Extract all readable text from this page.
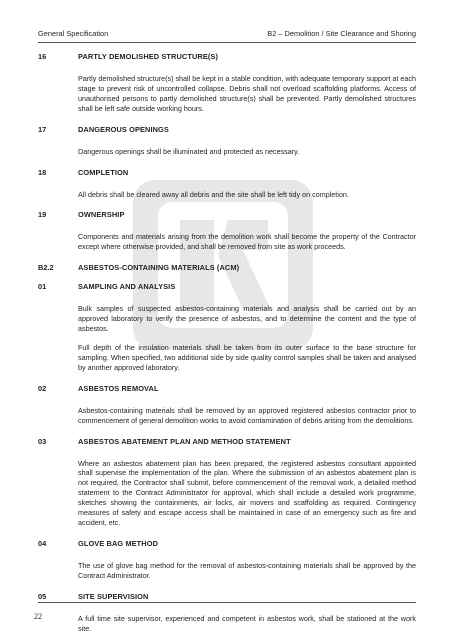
General Specification	B2 – Demolition / Site Clearance and Shoring
16	PARTLY DEMOLISHED STRUCTURE(S)

Partly demolished structure(s) shall be kept in a stable condition, with adequate temporary support at each stage to prevent risk of uncontrolled collapse. Debris shall not overload scaffolding platforms. Access of unauthorised persons to partly demolished structure(s) shall be prevented. Partly demolished structures shall be left safe outside working hours.

17	DANGEROUS OPENINGS

Dangerous openings shall be illuminated and protected as necessary.

18	COMPLETION

All debris shall be cleared away all debris and the site shall be left tidy on completion.

19	OWNERSHIP

Components and materials arising from the demolition work shall become the property of the Contractor except where otherwise provided, and shall be removed from site as work proceeds.

B2.2	ASBESTOS-CONTAINING MATERIALS (ACM)
01	SAMPLING AND ANALYSIS

Bulk samples of suspected asbestos-containing materials and analysis shall be carried out by an approved laboratory to verify the presence of asbestos, and to determine the content and the type of asbestos.

Full depth of the insulation materials shall be taken from its outer surface to the base structure for sampling. When specified, two additional side by side quality control samples shall be taken and analysed by another approved laboratory.

02	ASBESTOS REMOVAL

Asbestos-containing materials shall be removed by an approved registered asbestos contractor prior to commencement of general demolition works to avoid contamination of debris arising from the demolitions.

03	ASBESTOS ABATEMENT PLAN AND METHOD STATEMENT

Where an asbestos abatement plan has been prepared, the registered asbestos consultant appointed shall supervise the implementation of the plan. Where the submission of an asbestos abatement plan is not required, the Contractor shall submit, before commencement of the removal work, a detailed method statement to the Contract Administrator for approval, which shall include a detailed work programme, sketches showing the containments, air locks, air movers and scaffolding as required. Contingency measures of safety and escape access shall be maintained in case of an emergency such as fire and accident, etc.

04	GLOVE BAG METHOD

The use of glove bag method for the removal of asbestos-containing materials shall be approved by the Contract Administrator.

05	SITE SUPERVISION

A full time site supervisor, experienced and competent in asbestos work, shall be stationed at the work site.

22
